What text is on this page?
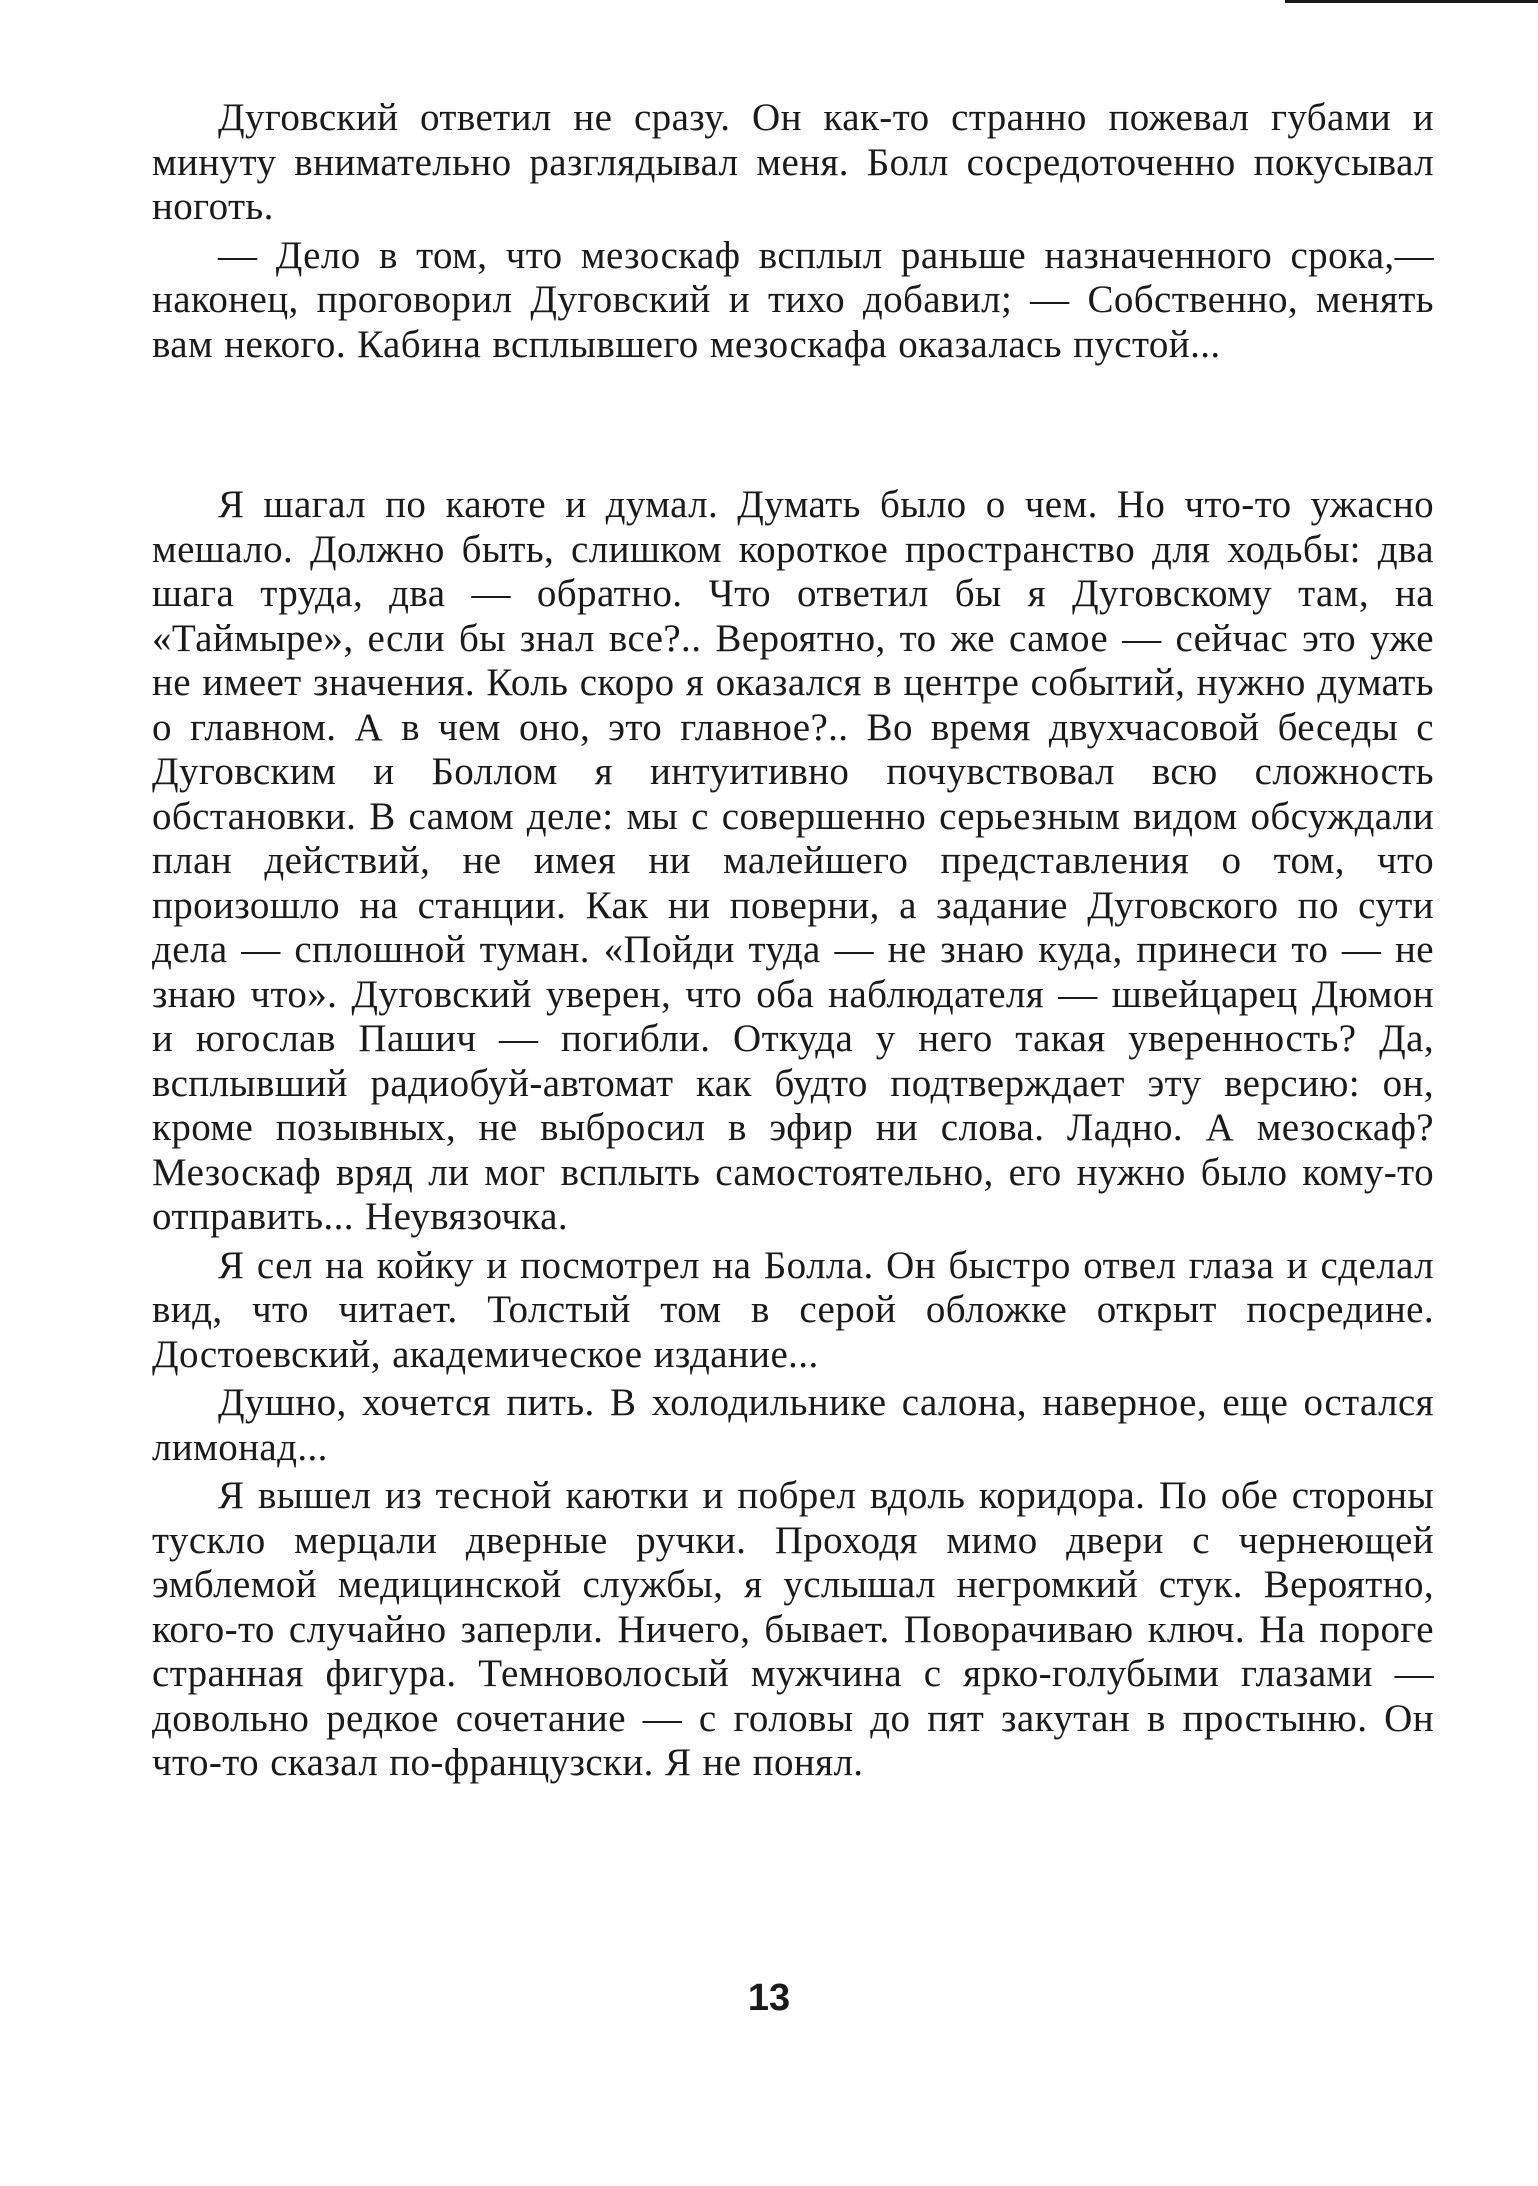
Дуговский ответил не сразу. Он как-то странно пожевал губами и минуту внимательно разглядывал меня. Болл сосредоточенно покусывал ноготь.

— Дело в том, что мезоскаф всплыл раньше назначенного срока,— наконец, проговорил Дуговский и тихо добавил; — Собственно, менять вам некого. Кабина всплывшего мезоскафа оказалась пустой...

Я шагал по каюте и думал. Думать было о чем. Но что-то ужасно мешало. Должно быть, слишком короткое пространство для ходьбы: два шага труда, два — обратно. Что ответил бы я Дуговскому там, на «Таймыре», если бы знал все?.. Вероятно, то же самое — сейчас это уже не имеет значения. Коль скоро я оказался в центре событий, нужно думать о главном. А в чем оно, это главное?.. Во время двухчасовой беседы с Дуговским и Боллом я интуитивно почувствовал всю сложность обстановки. В самом деле: мы с совершенно серьезным видом обсуждали план действий, не имея ни малейшего представления о том, что произошло на станции. Как ни поверни, а задание Дуговского по сути дела — сплошной туман. «Пойди туда — не знаю куда, принеси то — не знаю что». Дуговский уверен, что оба наблюдателя — швейцарец Дюмон и югослав Пашич — погибли. Откуда у него такая уверенность? Да, всплывший радиобуй-автомат как будто подтверждает эту версию: он, кроме позывных, не выбросил в эфир ни слова. Ладно. А мезоскаф? Мезоскаф вряд ли мог всплыть самостоятельно, его нужно было кому-то отправить... Неувязочка.

Я сел на койку и посмотрел на Болла. Он быстро отвел глаза и сделал вид, что читает. Толстый том в серой обложке открыт посредине. Достоевский, академическое издание...

Душно, хочется пить. В холодильнике салона, наверное, еще остался лимонад...

Я вышел из тесной каютки и побрел вдоль коридора. По обе стороны тускло мерцали дверные ручки. Проходя мимо двери с чернеющей эмблемой медицинской службы, я услышал негромкий стук. Вероятно, кого-то случайно заперли. Ничего, бывает. Поворачиваю ключ. На пороге странная фигура. Темноволосый мужчина с ярко-голубыми глазами — довольно редкое сочетание — с головы до пят закутан в простыню. Он что-то сказал по-французски. Я не понял.

13
